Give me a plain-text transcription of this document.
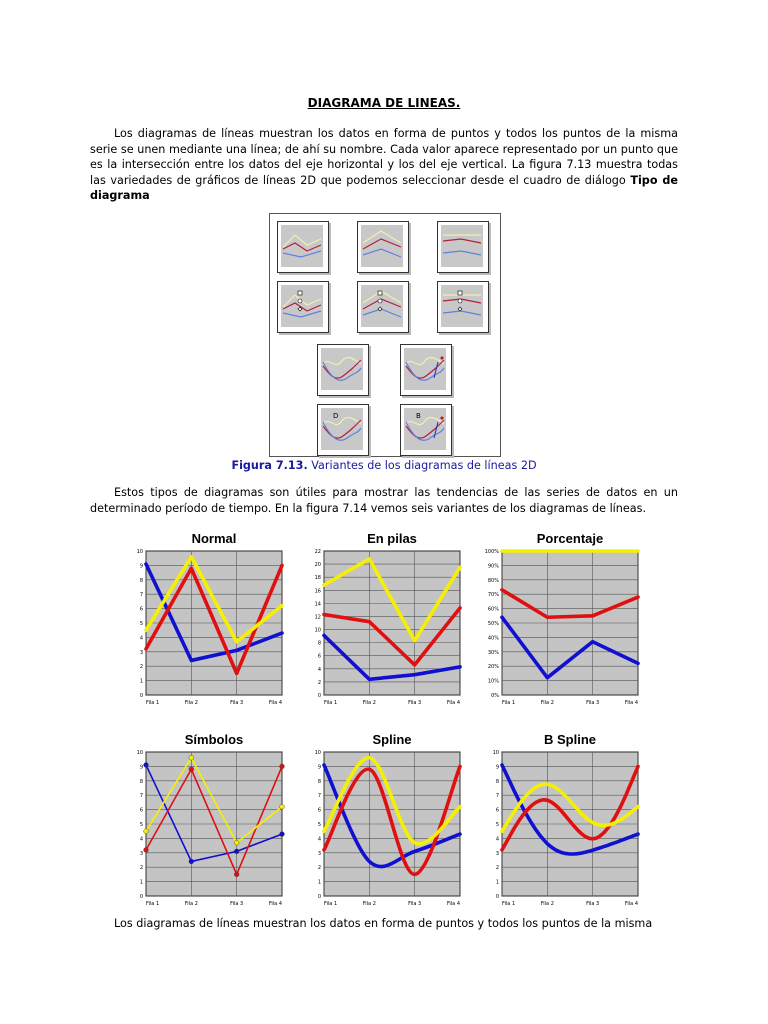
DIAGRAMA DE LINEAS.
Los diagramas de líneas muestran los datos en forma de puntos y todos los puntos de la misma serie se unen mediante una línea; de ahí su nombre. Cada valor aparece representado por un punto que es la intersección entre los datos del eje horizontal y los del eje vertical. La figura 7.13 muestra todas las variedades de gráficos de líneas 2D que podemos seleccionar desde el cuadro de diálogo Tipo de diagrama
D	B
Figura 7.13. Variantes de los diagramas de líneas 2D
Estos tipos de diagramas son útiles para mostrar las tendencias de las series de datos en un determinado período de tiempo. En la figura 7.14 vemos seis variantes de los diagramas de líneas.
Normal
0
1
2
3
4
5
6
7
8
9
10
Fila 1	Fila 2	Fila 3	Fila 4
En pilas
0
2
4
6
8
10
12
14
16
18
20
22
Fila 1	Fila 2	Fila 3	Fila 4
Porcentaje
0%
10%
20%
30%
40%
50%
60%
70%
80%
90%
100%
Fila 1	Fila 2	Fila 3	Fila 4
Símbolos
0
1
2
3
4
5
6
7
8
9
10
Fila 1	Fila 2	Fila 3	Fila 4
Spline
0
1
2
3
4
5
6
7
8
9
10
Fila 1	Fila 2	Fila 3	Fila 4
B Spline
0
1
2
3
4
5
6
7
8
9
10
Fila 1	Fila 2	Fila 3	Fila 4
Los diagramas de líneas muestran los datos en forma de puntos y todos los puntos de la misma
